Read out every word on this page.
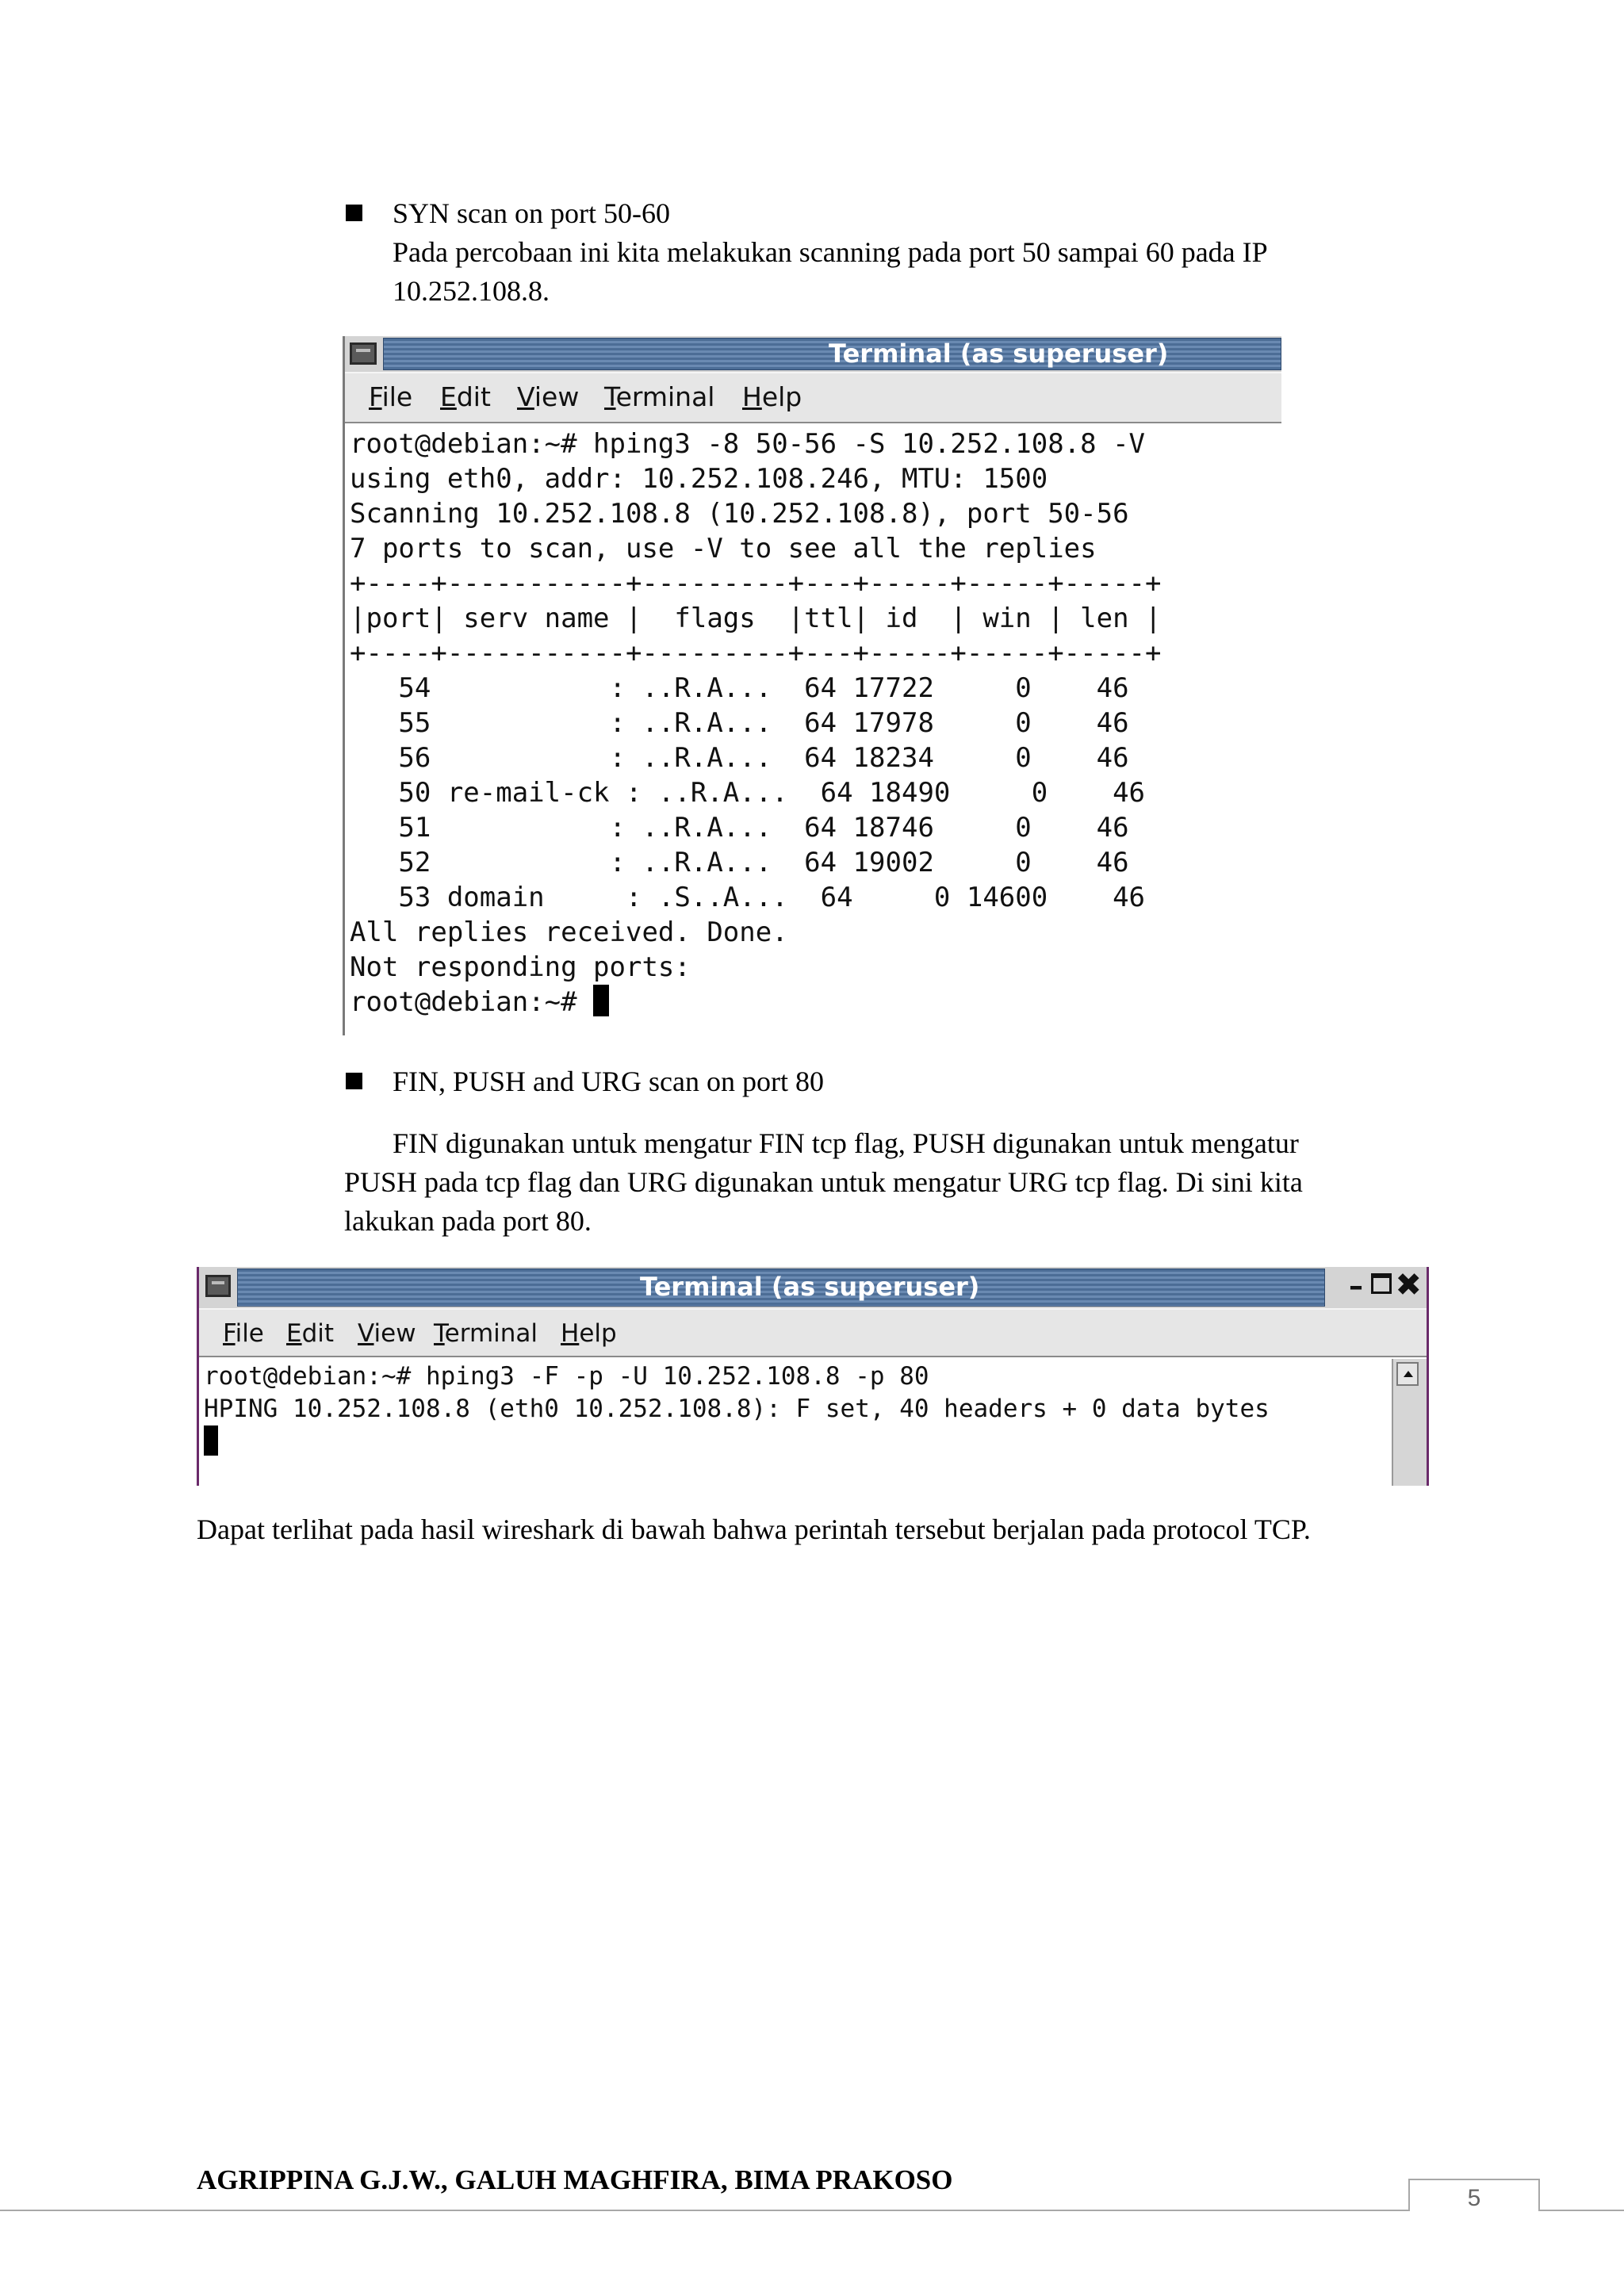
SYN scan on port 50-60
Pada percobaan ini kita melakukan scanning pada port 50 sampai 60 pada IP
10.252.108.8.
Terminal (as superuser)
File Edit View Terminal Help
root@debian:~# hping3 -8 50-56 -S 10.252.108.8 -V
using eth0, addr: 10.252.108.246, MTU: 1500
Scanning 10.252.108.8 (10.252.108.8), port 50-56
7 ports to scan, use -V to see all the replies
+----+-----------+---------+---+-----+-----+-----+
|port| serv name |  flags  |ttl| id  | win | len |
+----+-----------+---------+---+-----+-----+-----+
54           : ..R.A...  64 17722     0    46
55           : ..R.A...  64 17978     0    46
56           : ..R.A...  64 18234     0    46
50 re-mail-ck : ..R.A...  64 18490     0    46
51           : ..R.A...  64 18746     0    46
52           : ..R.A...  64 19002     0    46
53 domain     : .S..A...  64     0 14600    46
All replies received. Done.
Not responding ports:
root@debian:~#
FIN, PUSH and URG scan on port 80
FIN digunakan untuk mengatur FIN tcp flag, PUSH digunakan untuk mengatur
PUSH pada tcp flag dan URG digunakan untuk mengatur URG tcp flag. Di sini kita
lakukan pada port 80.
Terminal (as superuser)	– ✖
File Edit View Terminal Help
root@debian:~# hping3 -F -p -U 10.252.108.8 -p 80
HPING 10.252.108.8 (eth0 10.252.108.8): F set, 40 headers + 0 data bytes
Dapat terlihat pada hasil wireshark di bawah bahwa perintah tersebut berjalan pada protocol TCP.
AGRIPPINA G.J.W., GALUH MAGHFIRA, BIMA PRAKOSO
5
